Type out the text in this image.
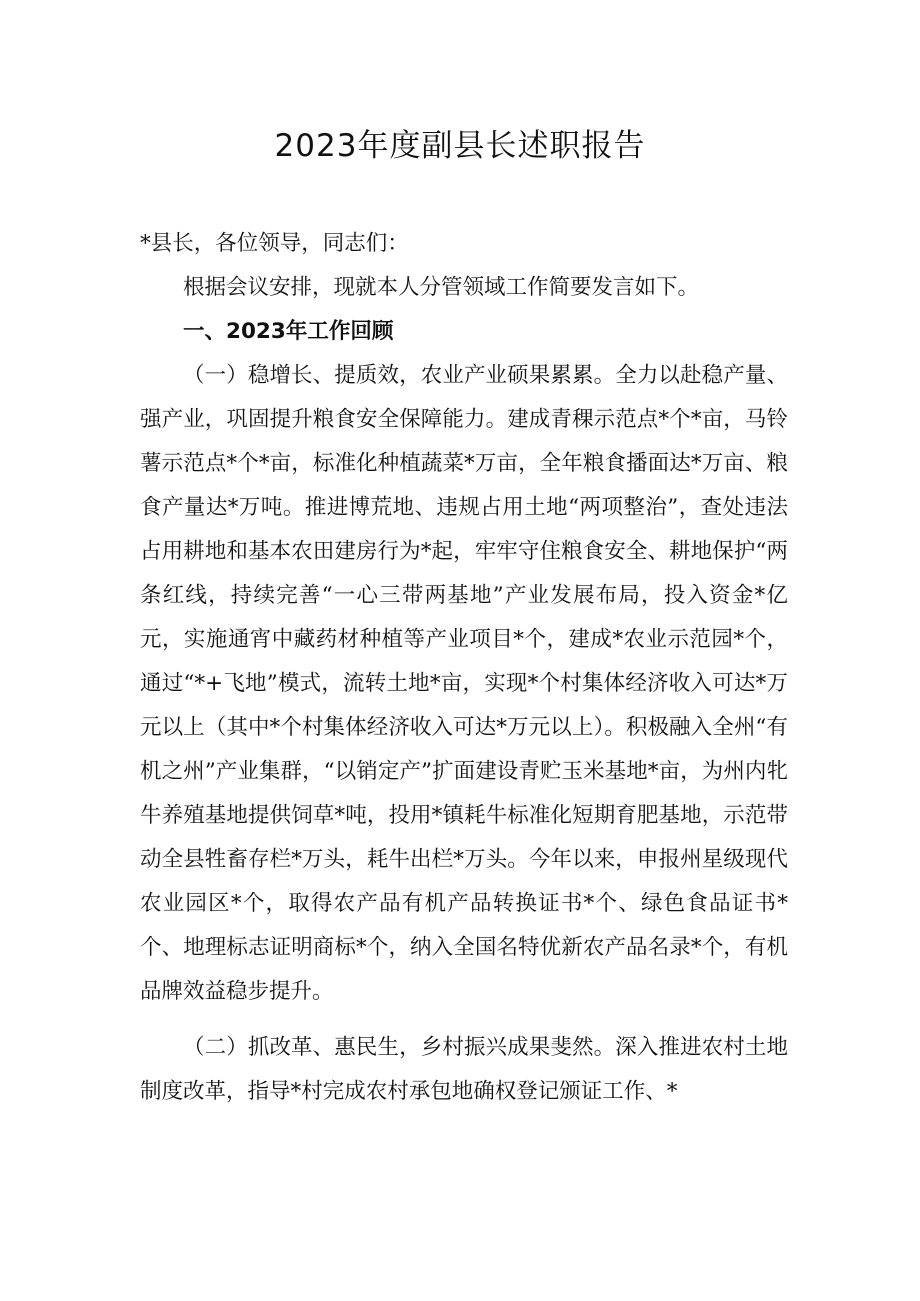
2023年度副县长述职报告

*县长，各位领导，同志们：

根据会议安排，现就本人分管领域工作简要发言如下。

一、2023年工作回顾

（一）稳增长、提质效，农业产业硕果累累。全力以赴稳产量、强产业，巩固提升粮食安全保障能力。建成青稞示范点*个*亩，马铃薯示范点*个*亩，标准化种植蔬菜*万亩，全年粮食播面达*万亩、粮食产量达*万吨。推进博荒地、违规占用土地“两项整治”，查处违法占用耕地和基本农田建房行为*起，牢牢守住粮食安全、耕地保护“两条红线，持续完善“一心三带两基地”产业发展布局，投入资金*亿元，实施通宵中藏药材种植等产业项目*个，建成*农业示范园*个，通过“*+飞地”模式，流转土地*亩，实现*个村集体经济收入可达*万元以上（其中*个村集体经济收入可达*万元以上）。积极融入全州“有机之州”产业集群，“以销定产”扩面建设青贮玉米基地*亩，为州内牝牛养殖基地提供饲草*吨，投用*镇耗牛标准化短期育肥基地，示范带动全县牲畜存栏*万头，耗牛出栏*万头。今年以来，申报州星级现代农业园区*个，取得农产品有机产品转换证书*个、绿色食品证书*个、地理标志证明商标*个，纳入全国名特优新农产品名录*个，有机品牌效益稳步提升。

（二）抓改革、惠民生，乡村振兴成果斐然。深入推进农村土地制度改革，指导*村完成农村承包地确权登记颁证工作、*
